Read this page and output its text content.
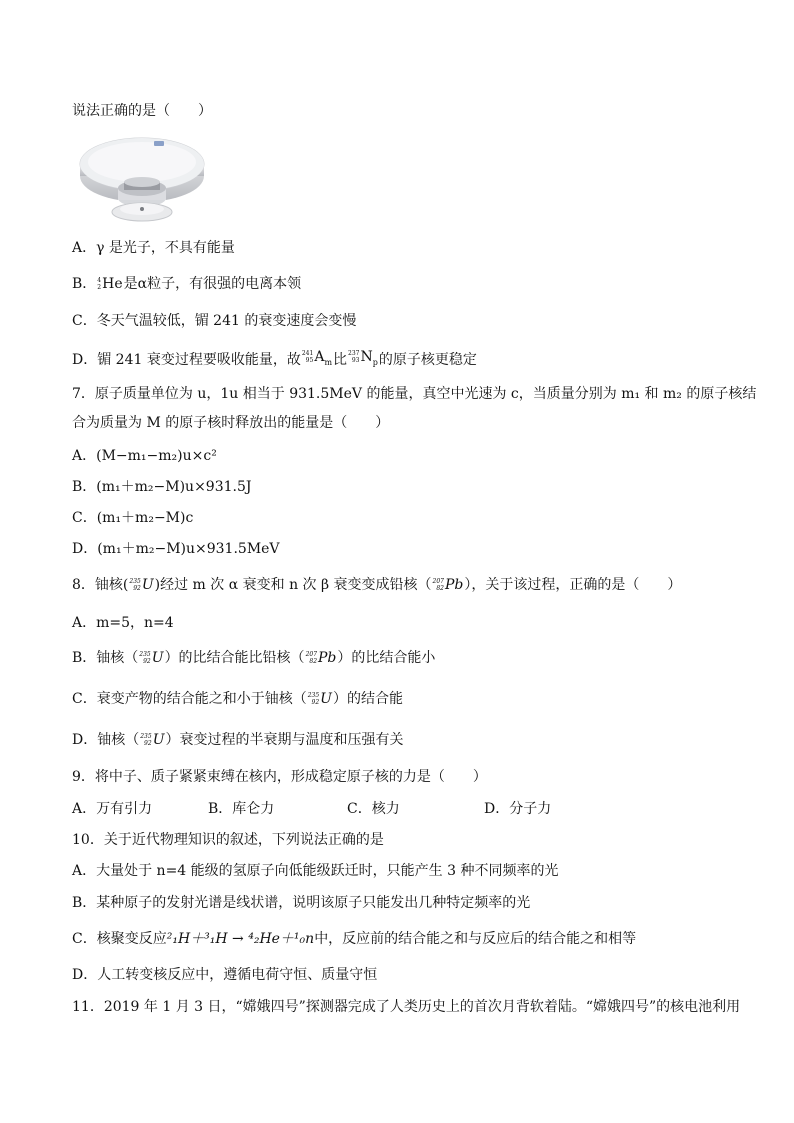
说法正确的是（　　）
A．γ 是光子，不具有能量
B． 4
2 He是α粒子，有很强的电离本领
C．冬天气温较低，镅 241 的衰变速度会变慢
D．镅 241 衰变过程要吸收能量，故 241
95 $A_m$比 237
93 $N_p$的原子核更稳定
7．原子质量单位为 u，1u 相当于 931.5MeV 的能量，真空中光速为 c，当质量分别为 m₁ 和 m₂ 的原子核结
合为质量为 M 的原子核时释放出的能量是（　　）
A．(M−m₁−m₂)u×c²
B．(m₁＋m₂−M)u×931.5J
C．(m₁＋m₂−M)c
D．(m₁＋m₂−M)u×931.5MeV
8．铀核( 235
92 U)经过 m 次 α 衰变和 n 次 β 衰变变成铅核（ 207
82 Pb），关于该过程，正确的是（　　）
A．m=5，n=4
B．铀核（ 235
92 U）的比结合能比铅核（ 207
82 Pb）的比结合能小
C．衰变产物的结合能之和小于铀核（ 235
92 U）的结合能
D．铀核（ 235
92 U）衰变过程的半衰期与温度和压强有关
9．将中子、质子紧紧束缚在核内，形成稳定原子核的力是（　　）
A．万有引力	B．库仑力	C．核力	D．分子力
10．关于近代物理知识的叙述，下列说法正确的是
A．大量处于 n=4 能级的氢原子向低能级跃迁时，只能产生 3 种不同频率的光
B．某种原子的发射光谱是线状谱，说明该原子只能发出几种特定频率的光
C．核聚变反应²₁H＋³₁H → ⁴₂He＋¹₀n中，反应前的结合能之和与反应后的结合能之和相等
D．人工转变核反应中，遵循电荷守恒、质量守恒
11．2019 年 1 月 3 日，“嫦娥四号”探测器完成了人类历史上的首次月背软着陆。“嫦娥四号”的核电池利用
